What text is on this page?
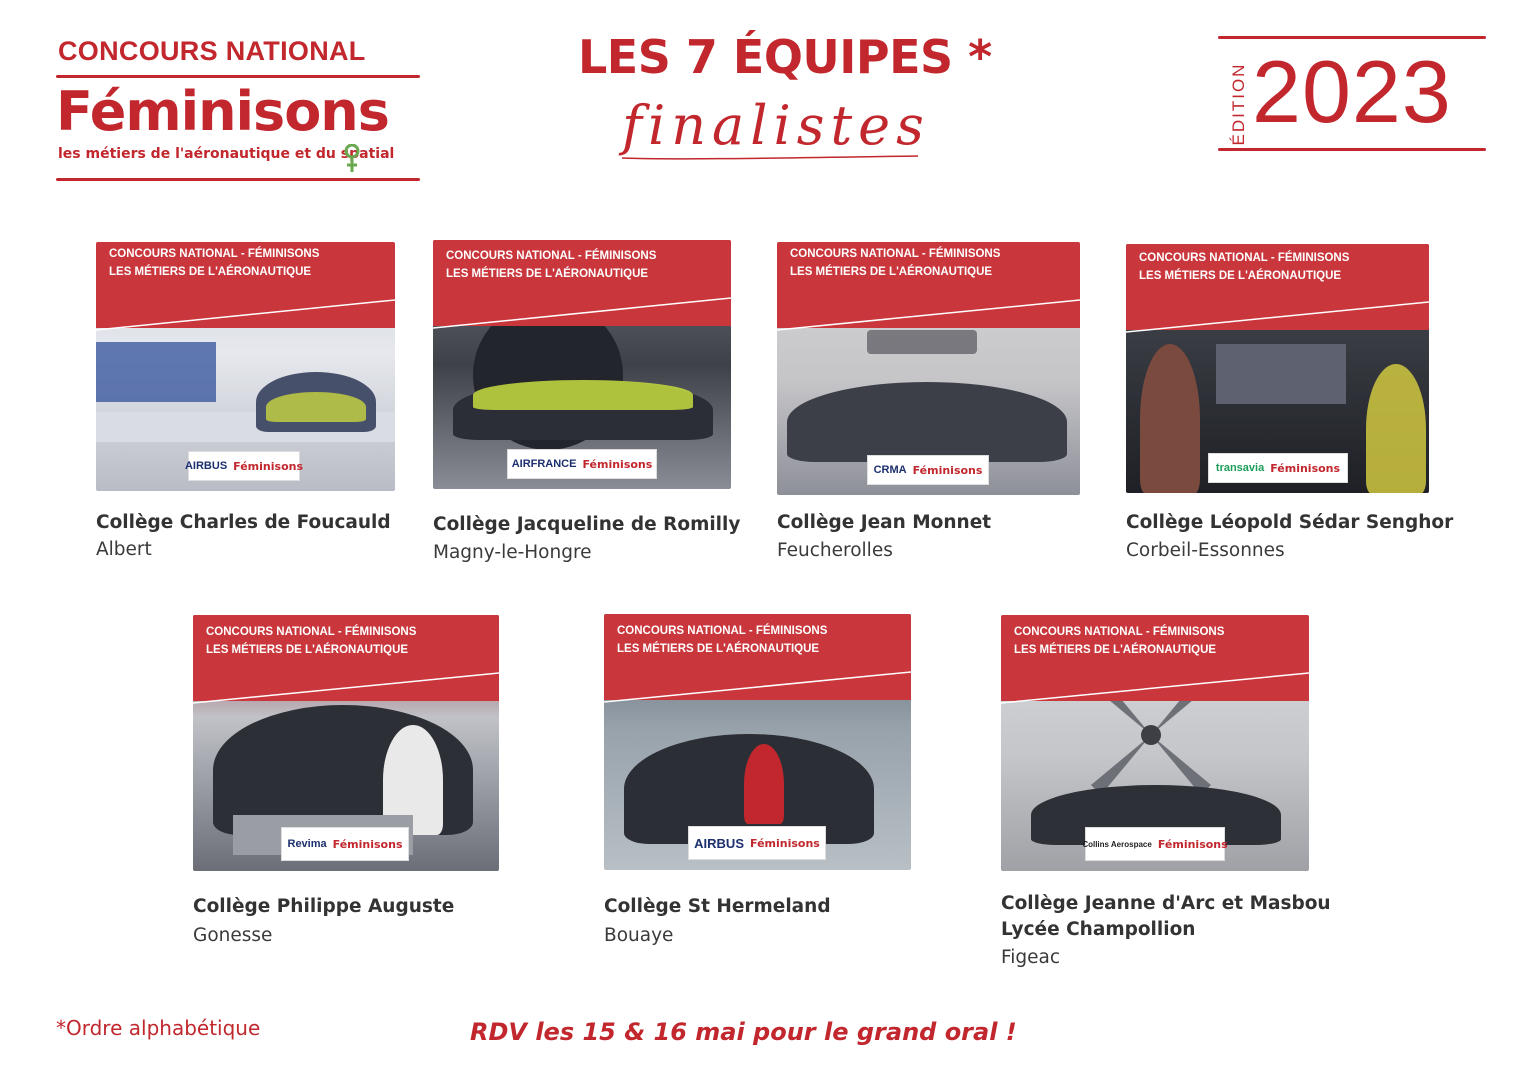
CONCOURS NATIONAL
Féminisons
les métiers de l'aéronautique et du spatial
LES 7 ÉQUIPES *
finalistes	ÉDITION 2023
CONCOURS NATIONAL - FÉMINISONS
LES MÉTIERS DE L'AÉRONAUTIQUE
AIRBUS Féminisons
Collège Charles de Foucauld
Albert
CONCOURS NATIONAL - FÉMINISONS
LES MÉTIERS DE L'AÉRONAUTIQUE
AIRFRANCE Féminisons
Collège Jacqueline de Romilly
Magny-le-Hongre
CONCOURS NATIONAL - FÉMINISONS
LES MÉTIERS DE L'AÉRONAUTIQUE
CRMA Féminisons
Collège Jean Monnet
Feucherolles
CONCOURS NATIONAL - FÉMINISONS
LES MÉTIERS DE L'AÉRONAUTIQUE
transavia Féminisons
Collège Léopold Sédar Senghor
Corbeil-Essonnes
CONCOURS NATIONAL - FÉMINISONS
LES MÉTIERS DE L'AÉRONAUTIQUE
Revima Féminisons
Collège Philippe Auguste
Gonesse
CONCOURS NATIONAL - FÉMINISONS
LES MÉTIERS DE L'AÉRONAUTIQUE
AIRBUS Féminisons
Collège St Hermeland
Bouaye
CONCOURS NATIONAL - FÉMINISONS
LES MÉTIERS DE L'AÉRONAUTIQUE
Collins Aerospace Féminisons
Collège Jeanne d'Arc et Masbou
Lycée Champollion
Figeac
*Ordre alphabétique	RDV les 15 & 16 mai pour le grand oral !
